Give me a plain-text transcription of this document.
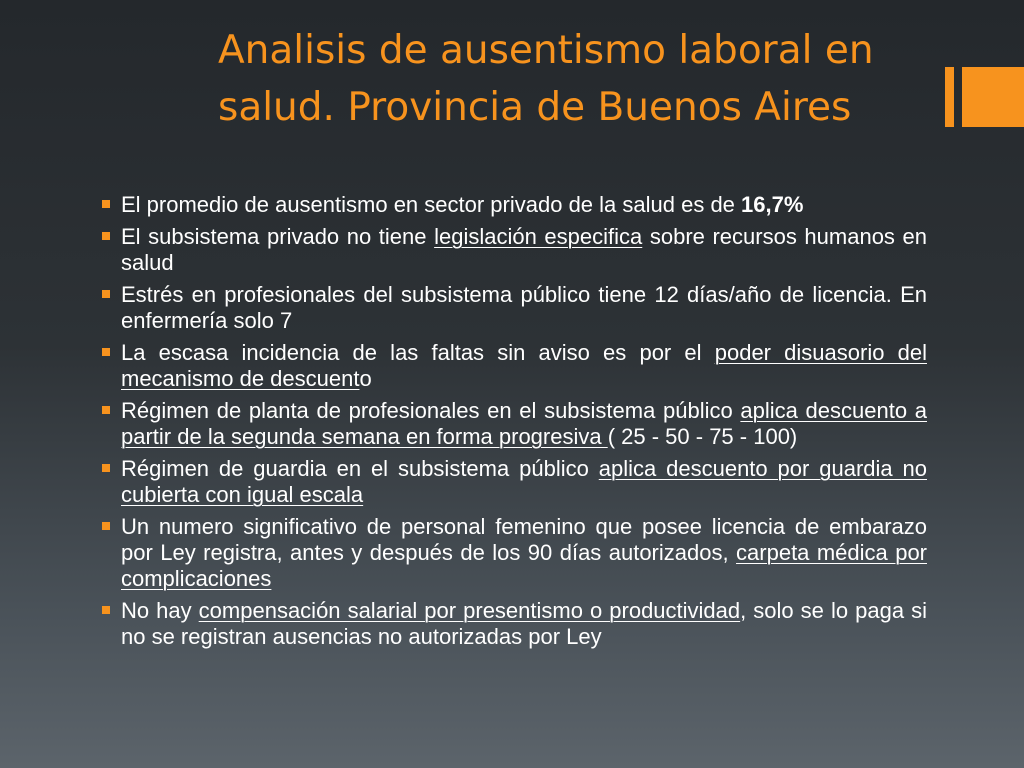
Analisis de ausentismo laboral en salud. Provincia de Buenos Aires
El promedio de ausentismo en sector privado de la salud es de 16,7%
El subsistema privado no tiene legislación especifica sobre recursos humanos en salud
Estrés en profesionales del subsistema público tiene 12 días/año de licencia. En enfermería solo 7
La escasa incidencia de las faltas sin aviso es por el poder disuasorio del mecanismo de descuento
Régimen de planta de profesionales en el subsistema público aplica descuento a partir de la segunda semana en forma progresiva ( 25 - 50 - 75 - 100)
Régimen de guardia en el subsistema público aplica descuento por guardia no cubierta con igual escala
Un numero significativo de personal femenino que posee licencia de embarazo por Ley registra, antes y después de los 90 días autorizados, carpeta médica por complicaciones
No hay compensación salarial por presentismo o productividad, solo se lo paga si no se registran ausencias no autorizadas por Ley
